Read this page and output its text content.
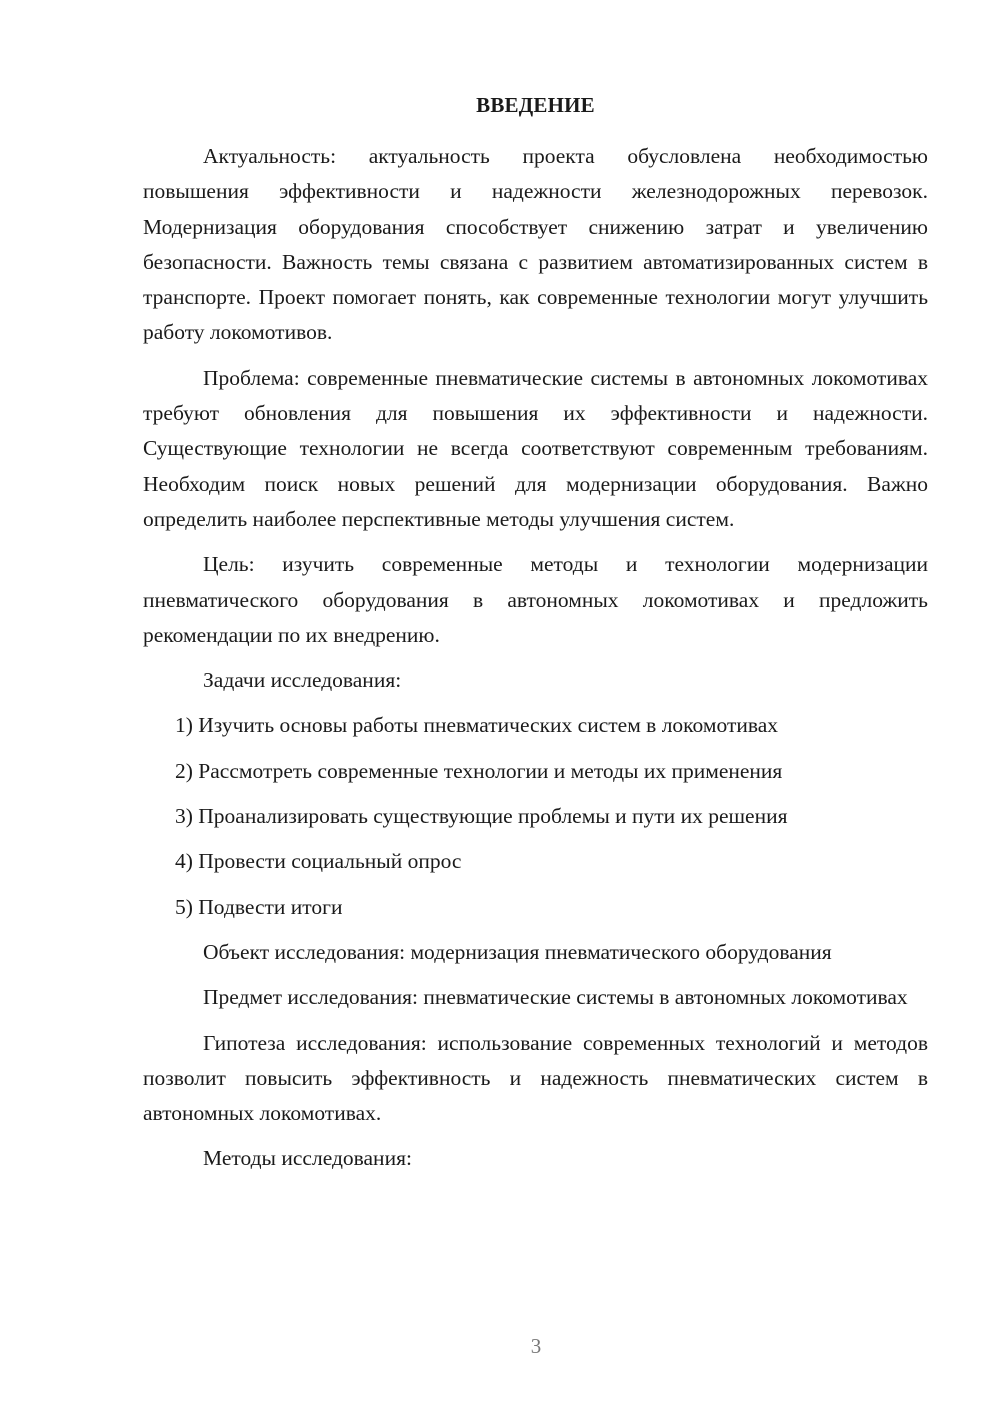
ВВЕДЕНИЕ

Актуальность: актуальность проекта обусловлена необходимостью повышения эффективности и надежности железнодорожных перевозок. Модернизация оборудования способствует снижению затрат и увеличению безопасности. Важность темы связана с развитием автоматизированных систем в транспорте. Проект помогает понять, как современные технологии могут улучшить работу локомотивов.

Проблема: современные пневматические системы в автономных локомотивах требуют обновления для повышения их эффективности и надежности. Существующие технологии не всегда соответствуют современным требованиям. Необходим поиск новых решений для модернизации оборудования. Важно определить наиболее перспективные методы улучшения систем.

Цель: изучить современные методы и технологии модернизации пневматического оборудования в автономных локомотивах и предложить рекомендации по их внедрению.

Задачи исследования:

1) Изучить основы работы пневматических систем в локомотивах
2) Рассмотреть современные технологии и методы их применения
3) Проанализировать существующие проблемы и пути их решения
4) Провести социальный опрос
5) Подвести итоги

Объект исследования: модернизация пневматического оборудования

Предмет исследования: пневматические системы в автономных локомотивах

Гипотеза исследования: использование современных технологий и методов позволит повысить эффективность и надежность пневматических систем в автономных локомотивах.

Методы исследования:

3
